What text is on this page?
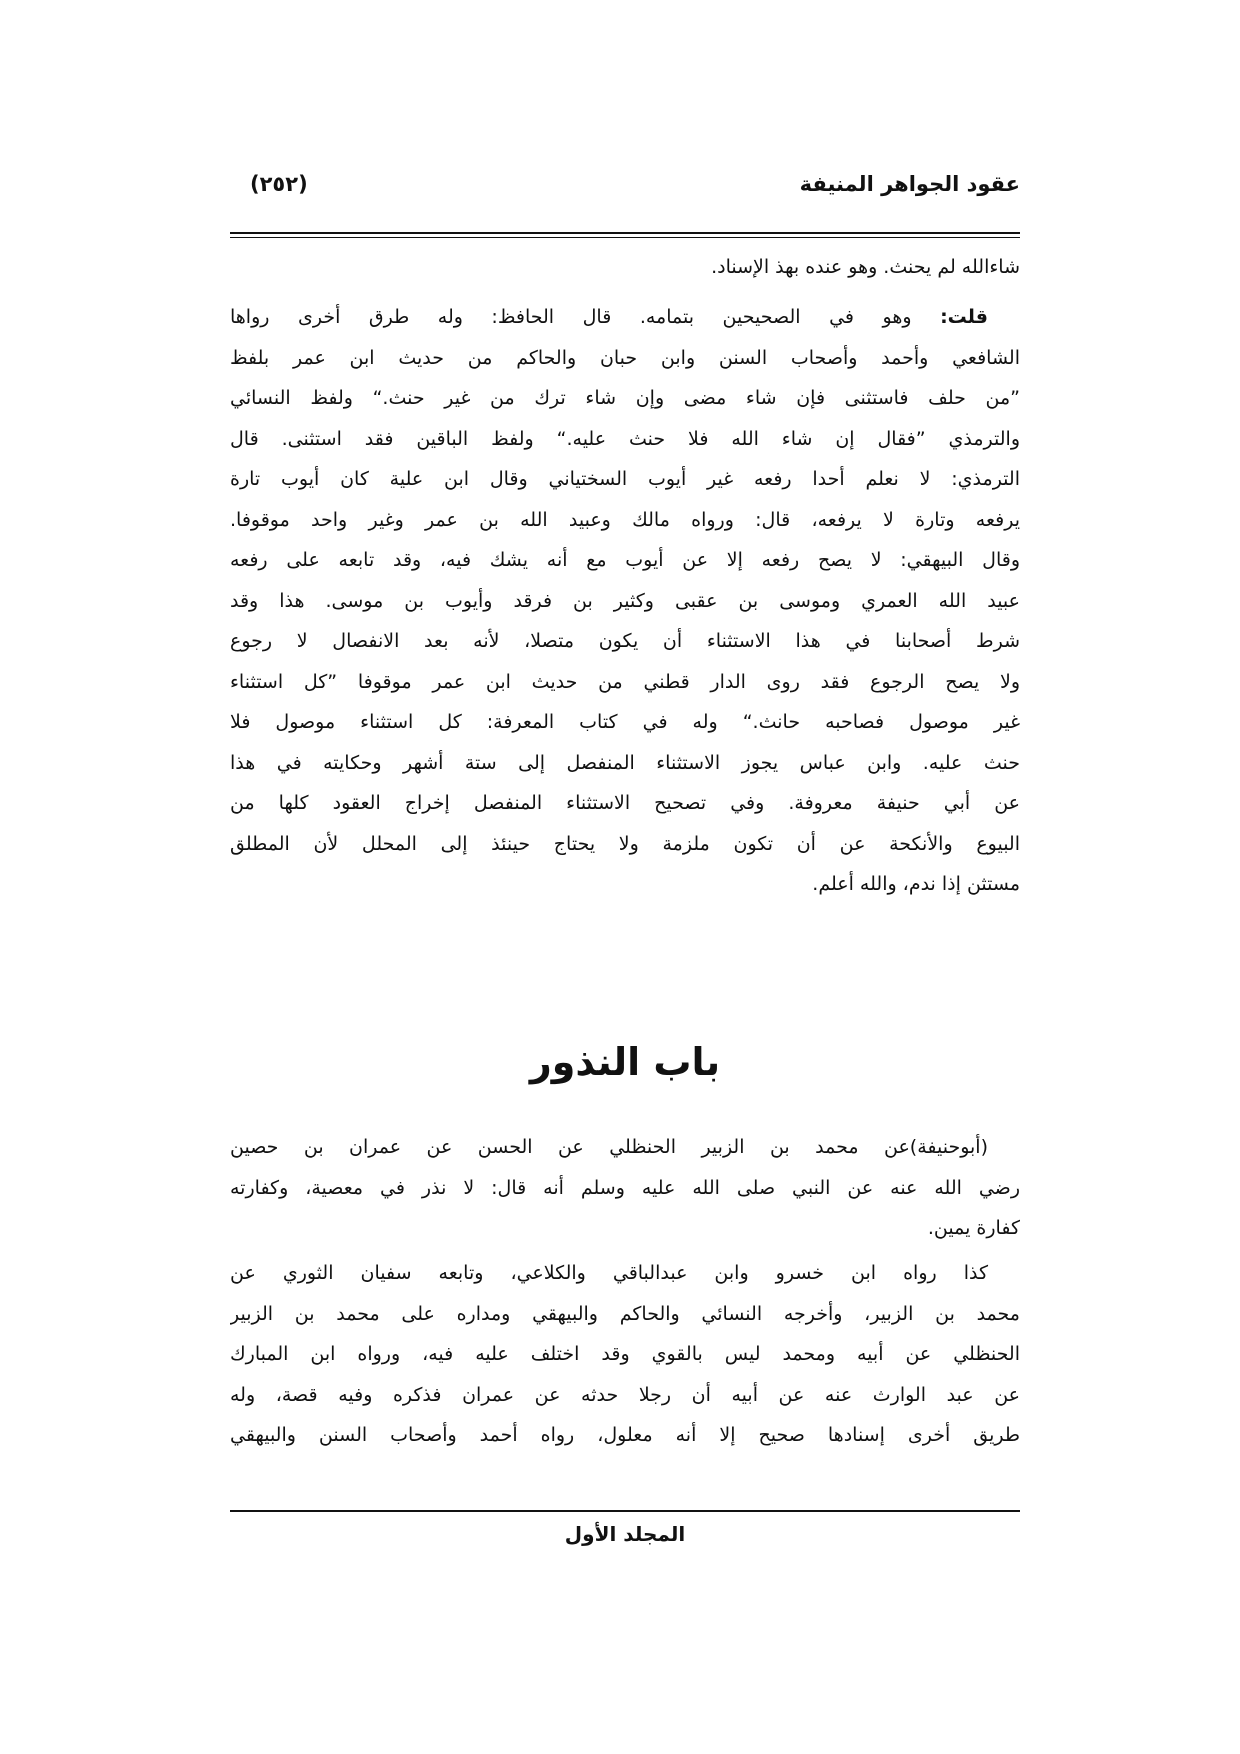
عقود الجواهر المنيفة
(٢٥٢)
شاءالله لم يحنث. وهو عنده بهذ الإسناد.
قلت: وهو في الصحيحين بتمامه. قال الحافظ: وله طرق أخرى رواها
الشافعي وأحمد وأصحاب السنن وابن حبان والحاكم من حديث ابن عمر بلفظ
”من حلف فاستثنى فإن شاء مضى وإن شاء ترك من غير حنث.“ ولفظ النسائي
والترمذي ”فقال إن شاء الله فلا حنث عليه.“ ولفظ الباقين فقد استثنى. قال
الترمذي: لا نعلم أحدا رفعه غير أيوب السختياني وقال ابن علية كان أيوب تارة
يرفعه وتارة لا يرفعه، قال: ورواه مالك وعبيد الله بن عمر وغير واحد موقوفا.
وقال البيهقي: لا يصح رفعه إلا عن أيوب مع أنه يشك فيه، وقد تابعه على رفعه
عبيد الله العمري وموسى بن عقبى وكثير بن فرقد وأيوب بن موسى. هذا وقد
شرط أصحابنا في هذا الاستثناء أن يكون متصلا، لأنه بعد الانفصال لا رجوع
ولا يصح الرجوع فقد روى الدار قطني من حديث ابن عمر موقوفا ”كل استثناء
غير موصول فصاحبه حانث.“ وله في كتاب المعرفة: كل استثناء موصول فلا
حنث عليه. وابن عباس يجوز الاستثناء المنفصل إلى ستة أشهر وحكايته في هذا
عن أبي حنيفة معروفة. وفي تصحيح الاستثناء المنفصل إخراج العقود كلها من
البيوع والأنكحة عن أن تكون ملزمة ولا يحتاج حينئذ إلى المحلل لأن المطلق
مستثن إذا ندم، والله أعلم.
باب النذور
(أبوحنيفة)عن محمد بن الزبير الحنظلي عن الحسن عن عمران بن حصين
رضي الله عنه عن النبي صلى الله عليه وسلم أنه قال: لا نذر في معصية، وكفارته
كفارة يمين.
كذا رواه ابن خسرو وابن عبدالباقي والكلاعي، وتابعه سفيان الثوري عن
محمد بن الزبير، وأخرجه النسائي والحاكم والبيهقي ومداره على محمد بن الزبير
الحنظلي عن أبيه ومحمد ليس بالقوي وقد اختلف عليه فيه، ورواه ابن المبارك
عن عبد الوارث عنه عن أبيه أن رجلا حدثه عن عمران فذكره وفيه قصة، وله
طريق أخرى إسنادها صحيح إلا أنه معلول، رواه أحمد وأصحاب السنن والبيهقي
المجلد الأول
